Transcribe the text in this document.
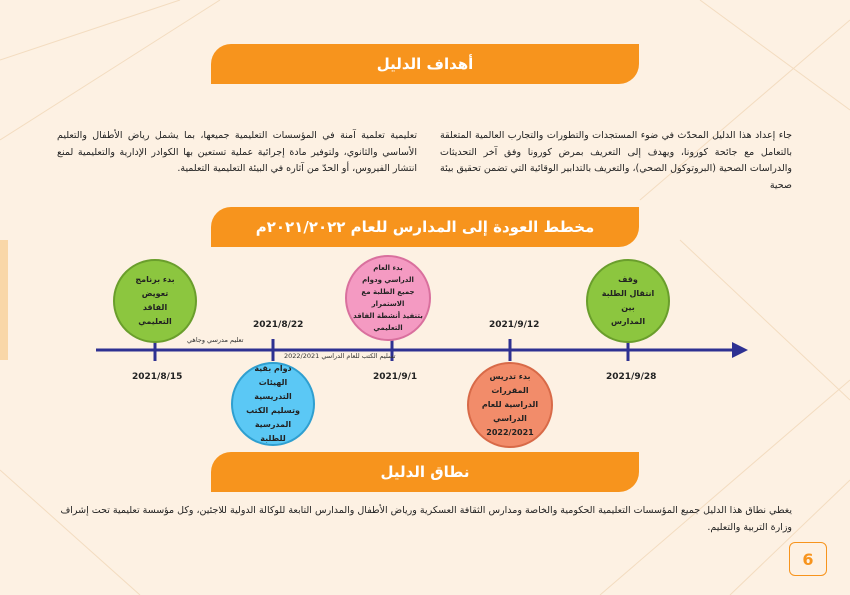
أهداف الدليل

جاء إعداد هذا الدليل المحدّث في ضوء المستجدات والتطورات والتجارب العالمية المتعلقة بالتعامل مع جائحة كورونا، ويهدف إلى التعريف بمرض كورونا وفق آخر التحديثات والدراسات الصحية (البروتوكول الصحي)، والتعريف بالتدابير الوقائية التي تضمن تحقيق بيئة صحية

تعليمية تعلمية آمنة في المؤسسات التعليمية جميعها، بما يشمل رياض الأطفال والتعليم الأساسي والثانوي، ولتوفير مادة إجرائية عملية تستعين بها الكوادر الإدارية والتعليمية لمنع انتشار الفيروس، أو الحدّ من آثاره في البيئة التعليمية التعلمية.

مخطط العودة إلى المدارس للعام ٢٠٢١/٢٠٢٢م
بدء برنامج تعويض
الفاقد التعليمي
بدء العام
الدراسي ودوام
جميع الطلبة مع الاستمرار
بتنفيذ أنشطة الفاقد
التعليمي
وقف
انتقال الطلبة بين
المدارس
دوام بقية الهيئات
التدريسية وتسليم الكتب
المدرسية للطلبة
بدء تدريس المقررات
الدراسية للعام الدراسي
2022/2021
2021/8/15	2021/9/1	2021/9/28
2021/8/22	2021/9/12
تعليم مدرسي وجاهي
تسليم الكتب للعام الدراسي 2022/2021
نطاق الدليل

يغطي نطاق هذا الدليل جميع المؤسسات التعليمية الحكومية والخاصة ومدارس الثقافة العسكرية ورياض الأطفال والمدارس التابعة للوكالة الدولية للاجئين، وكل مؤسسة تعليمية تحت إشراف وزارة التربية والتعليم.

6
